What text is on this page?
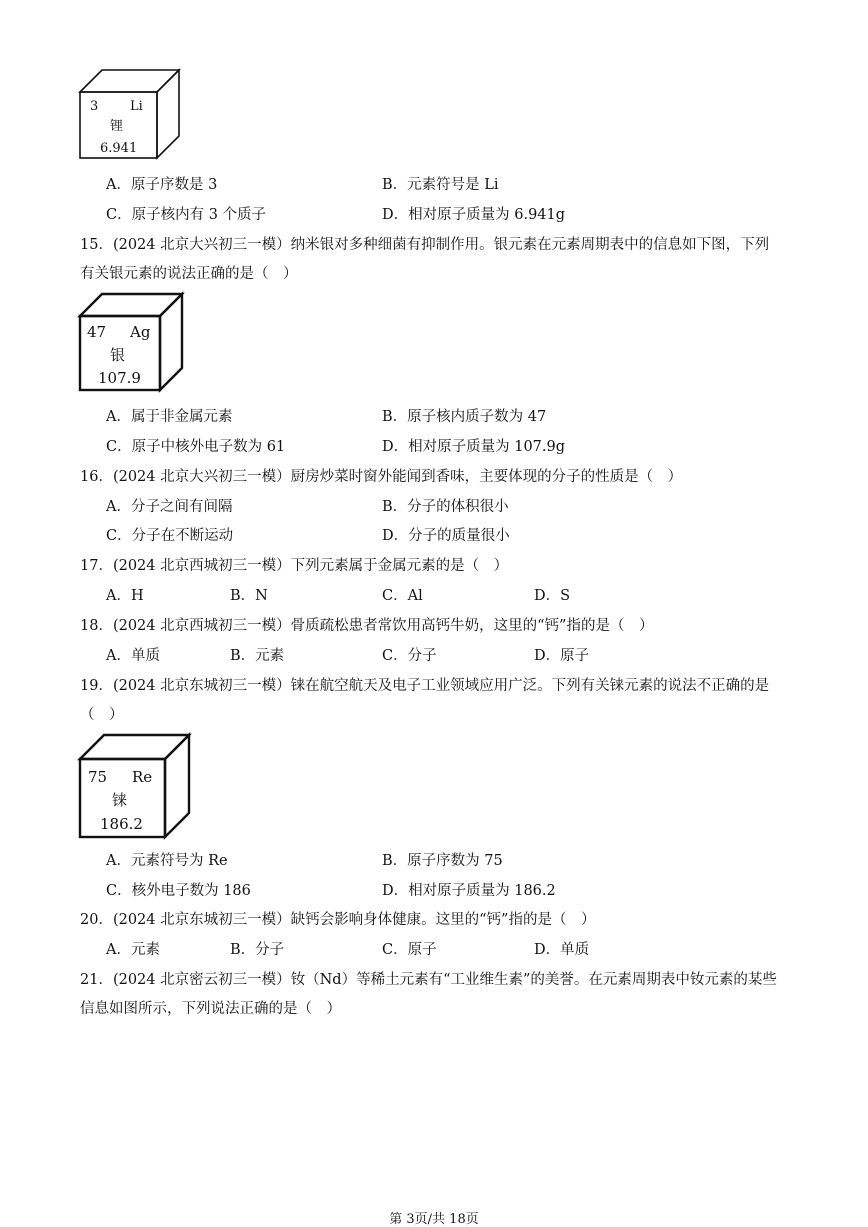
3 Li
锂
6.941
A．原子序数是 3	B．元素符号是 Li
C．原子核内有 3 个质子	D．相对原子质量为 6.941g
15．(2024 北京大兴初三一模）纳米银对多种细菌有抑制作用。银元素在元素周期表中的信息如下图，下列
有关银元素的说法正确的是（　）
47 Ag
银
107.9
A．属于非金属元素	B．原子核内质子数为 47
C．原子中核外电子数为 61	D．相对原子质量为 107.9g
16．(2024 北京大兴初三一模）厨房炒菜时窗外能闻到香味，主要体现的分子的性质是（　）
A．分子之间有间隔	B．分子的体积很小
C．分子在不断运动	D．分子的质量很小
17．(2024 北京西城初三一模）下列元素属于金属元素的是（　）
A．H	B．N	C．Al	D．S
18．(2024 北京西城初三一模）骨质疏松患者常饮用高钙牛奶，这里的“钙”指的是（　）
A．单质	B．元素	C．分子	D．原子
19．(2024 北京东城初三一模）铼在航空航天及电子工业领域应用广泛。下列有关铼元素的说法不正确的是
（　）
75 Re
铼
186.2
A．元素符号为 Re	B．原子序数为 75
C．核外电子数为 186	D．相对原子质量为 186.2
20．(2024 北京东城初三一模）缺钙会影响身体健康。这里的“钙”指的是（　）
A．元素	B．分子	C．原子	D．单质
21．(2024 北京密云初三一模）钕（Nd）等稀土元素有“工业维生素”的美誉。在元素周期表中钕元素的某些
信息如图所示，下列说法正确的是（　）
第 3页/共 18页
